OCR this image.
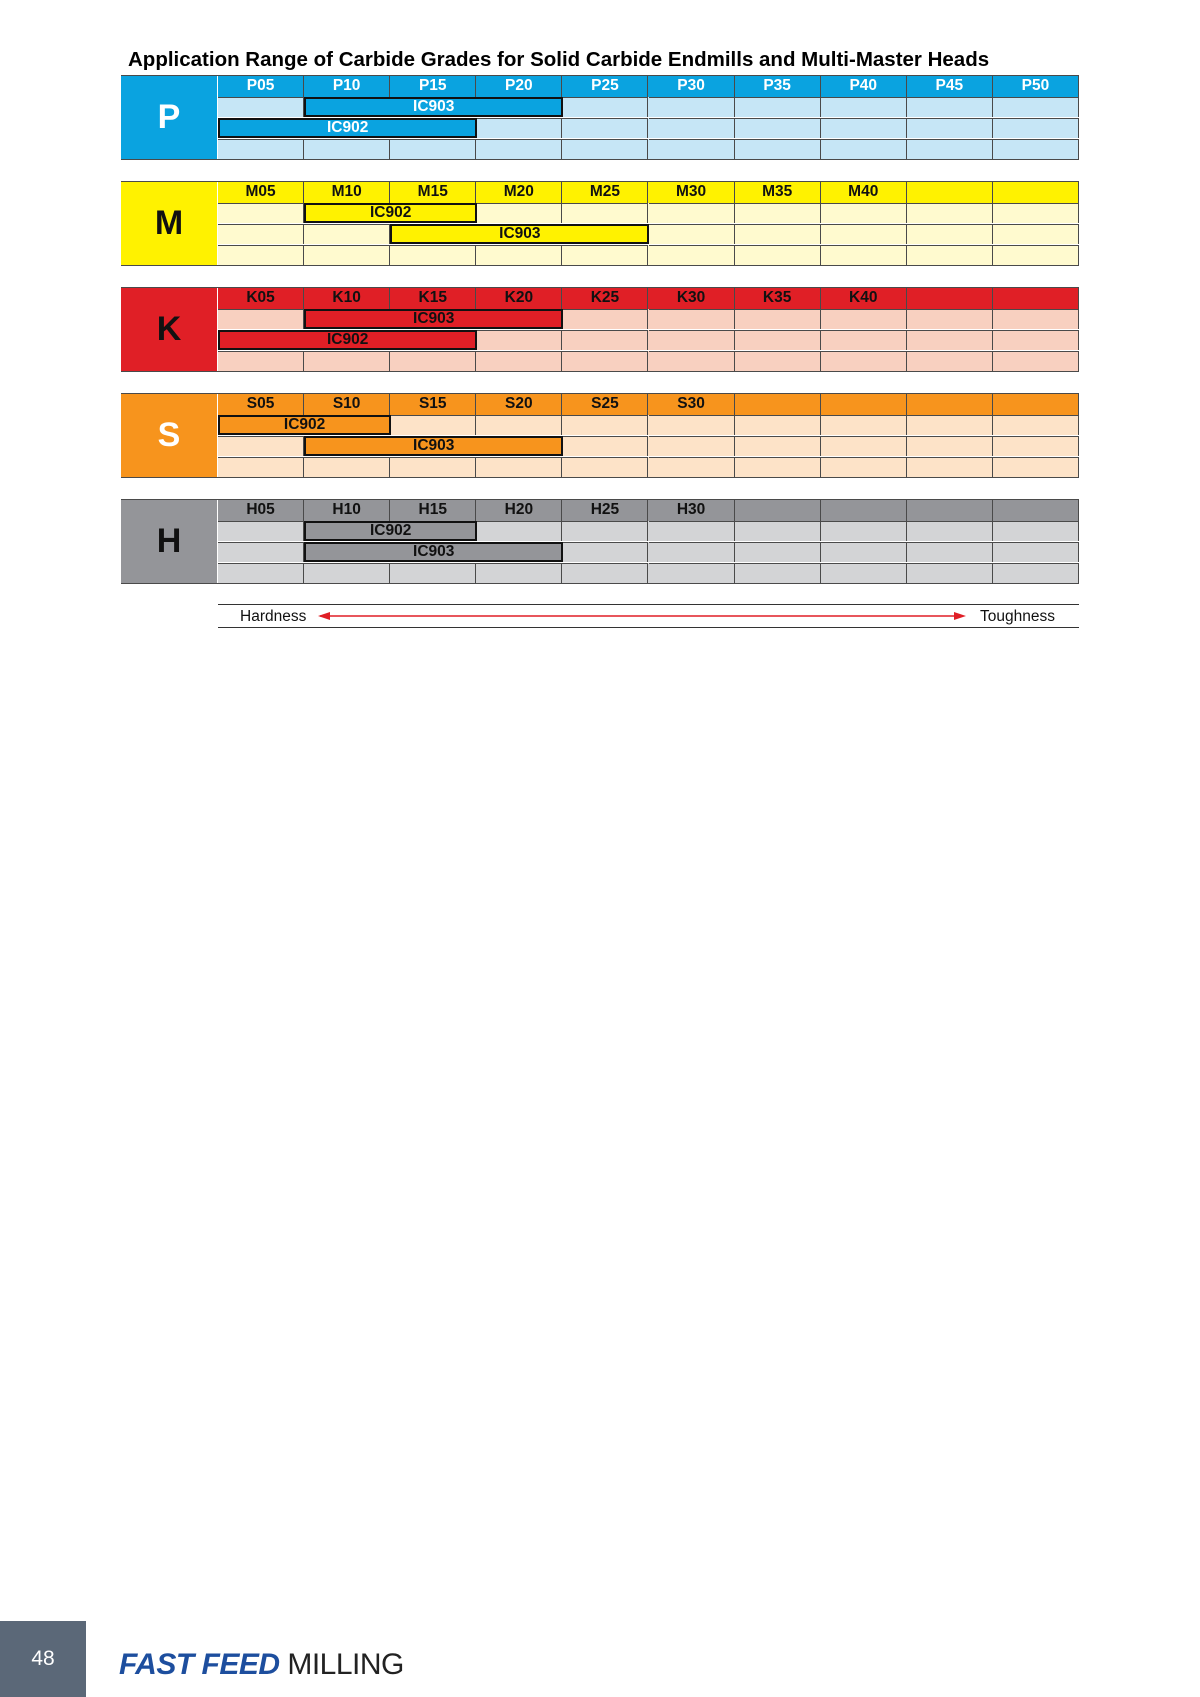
Application Range of Carbide Grades for Solid Carbide Endmills and Multi-Master Heads
P
P05	P10	P15	P20	P25	P30	P35	P40	P45	P50
IC903
IC902
M
M05	M10	M15	M20	M25	M30	M35	M40
IC902
IC903
K
K05	K10	K15	K20	K25	K30	K35	K40
IC903
IC902
S
S05	S10	S15	S20	S25	S30
IC902
IC903
H
H05	H10	H15	H20	H25	H30
IC902
IC903
Hardness	Toughness
48	FAST FEED MILLING
